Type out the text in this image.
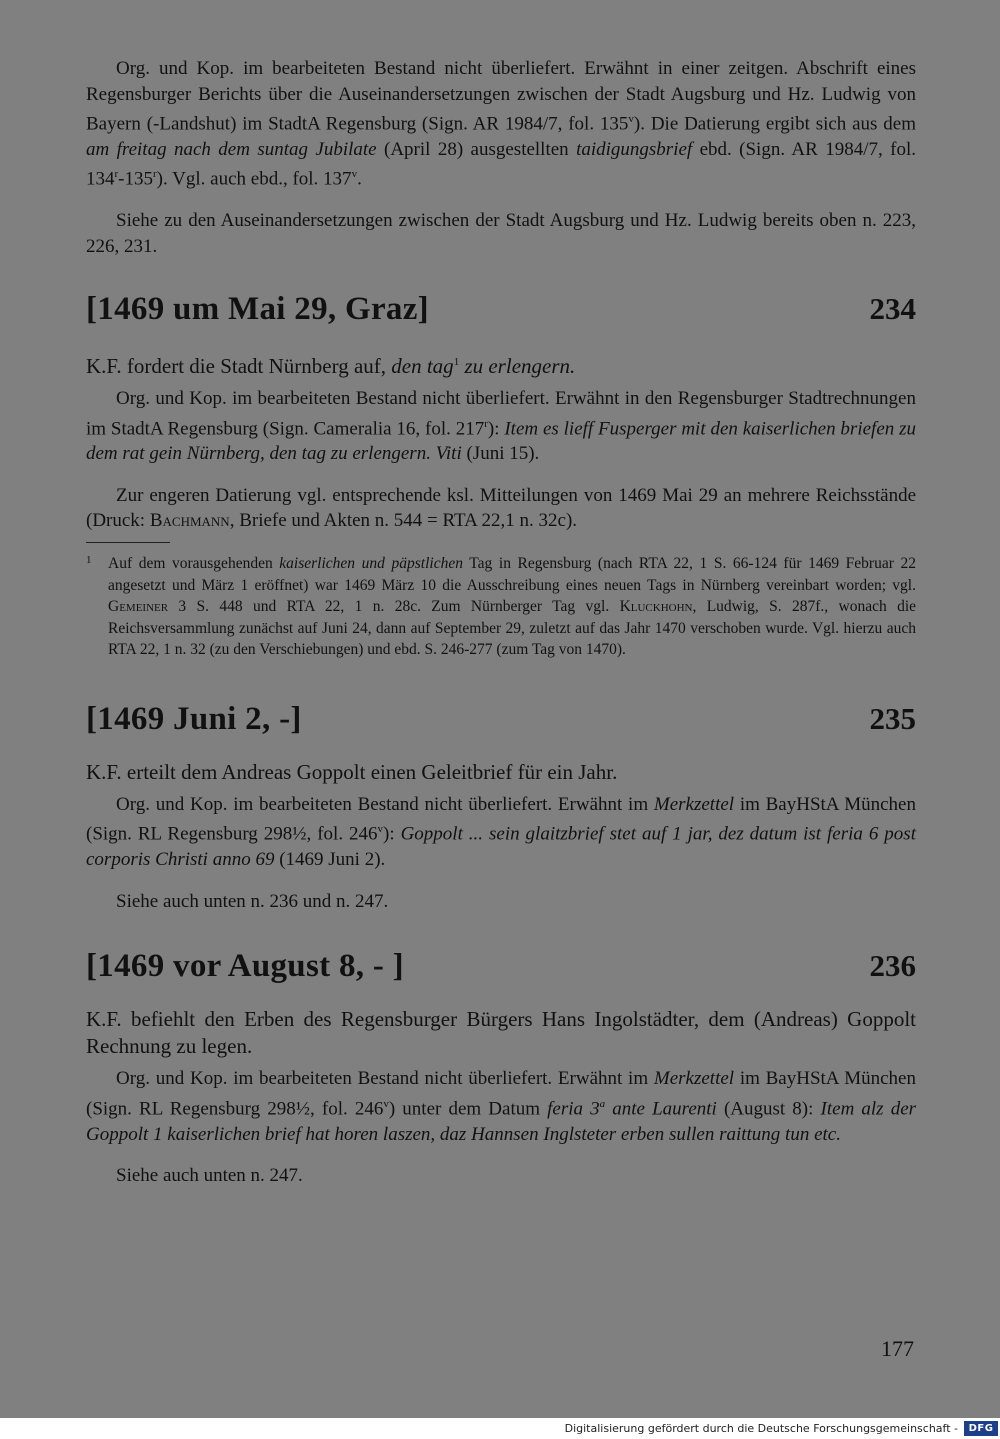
Org. und Kop. im bearbeiteten Bestand nicht überliefert. Erwähnt in einer zeitgen. Abschrift eines Regensburger Berichts über die Auseinandersetzungen zwischen der Stadt Augsburg und Hz. Ludwig von Bayern (-Landshut) im StadtA Regensburg (Sign. AR 1984/7, fol. 135$^v$). Die Datierung ergibt sich aus dem am freitag nach dem suntag Jubilate (April 28) ausgestellten taidigungsbrief ebd. (Sign. AR 1984/7, fol. 134$^r$-135$^r$). Vgl. auch ebd., fol. 137$^v$.

Siehe zu den Auseinandersetzungen zwischen der Stadt Augsburg und Hz. Ludwig bereits oben n. 223, 226, 231.

[1469 um Mai 29, Graz]	234

K.F. fordert die Stadt Nürnberg auf, den tag$^1$ zu erlengern.

Org. und Kop. im bearbeiteten Bestand nicht überliefert. Erwähnt in den Regensburger Stadtrechnungen im StadtA Regensburg (Sign. Cameralia 16, fol. 217$^r$): Item es lieff Fusperger mit den kaiserlichen briefen zu dem rat gein Nürnberg, den tag zu erlengern. Viti (Juni 15).

Zur engeren Datierung vgl. entsprechende ksl. Mitteilungen von 1469 Mai 29 an mehrere Reichsstände (Druck: Bachmann, Briefe und Akten n. 544 = RTA 22,1 n. 32c).

1 Auf dem vorausgehenden kaiserlichen und päpstlichen Tag in Regensburg (nach RTA 22, 1 S. 66-124 für 1469 Februar 22 angesetzt und März 1 eröffnet) war 1469 März 10 die Ausschreibung eines neuen Tags in Nürnberg vereinbart worden; vgl. Gemeiner 3 S. 448 und RTA 22, 1 n. 28c. Zum Nürnberger Tag vgl. Kluckhohn, Ludwig, S. 287f., wonach die Reichsversammlung zunächst auf Juni 24, dann auf September 29, zuletzt auf das Jahr 1470 verschoben wurde. Vgl. hierzu auch RTA 22, 1 n. 32 (zu den Verschiebungen) und ebd. S. 246-277 (zum Tag von 1470).

[1469 Juni 2, -]	235

K.F. erteilt dem Andreas Goppolt einen Geleitbrief für ein Jahr.

Org. und Kop. im bearbeiteten Bestand nicht überliefert. Erwähnt im Merkzettel im BayHStA München (Sign. RL Regensburg 298½, fol. 246$^v$): Goppolt ... sein glaitzbrief stet auf 1 jar, dez datum ist feria 6 post corporis Christi anno 69 (1469 Juni 2).

Siehe auch unten n. 236 und n. 247.

[1469 vor August 8, - ]	236

K.F. befiehlt den Erben des Regensburger Bürgers Hans Ingolstädter, dem (Andreas) Goppolt Rechnung zu legen.

Org. und Kop. im bearbeiteten Bestand nicht überliefert. Erwähnt im Merkzettel im BayHStA München (Sign. RL Regensburg 298½, fol. 246$^v$) unter dem Datum feria 3$^a$ ante Laurenti (August 8): Item alz der Goppolt 1 kaiserlichen brief hat horen laszen, daz Hannsen Inglsteter erben sullen raittung tun etc.

Siehe auch unten n. 247.

177
Digitalisierung gefördert durch die Deutsche Forschungsgemeinschaft -	DFG
